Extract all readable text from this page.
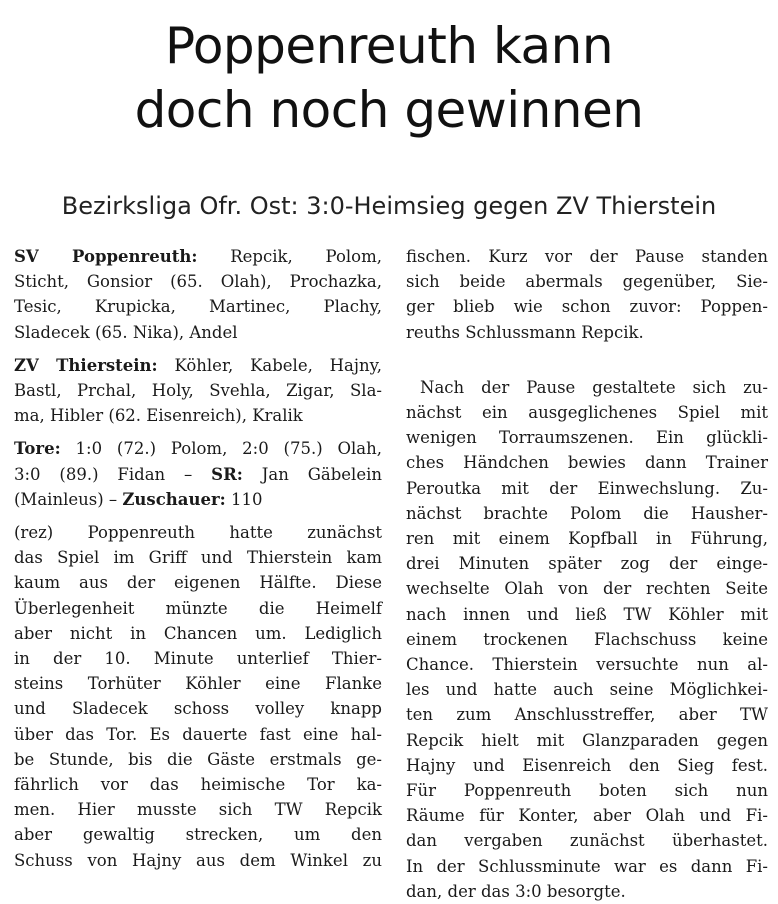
Poppenreuth kann
doch noch gewinnen
Bezirksliga Ofr. Ost: 3:0-Heimsieg gegen ZV Thierstein
SV Poppenreuth: Repcik, Polom,
Sticht, Gonsior (65. Olah), Prochazka,
Tesic, Krupicka, Martinec, Plachy,
Sladecek (65. Nika), Andel
ZV Thierstein: Köhler, Kabele, Hajny,
Bastl, Prchal, Holy, Svehla, Zigar, Sla-
ma, Hibler (62. Eisenreich), Kralik
Tore: 1:0 (72.) Polom, 2:0 (75.) Olah,
3:0 (89.) Fidan – SR: Jan Gäbelein
(Mainleus) – Zuschauer: 110
(rez) Poppenreuth hatte zunächst
das Spiel im Griff und Thierstein kam
kaum aus der eigenen Hälfte. Diese
Überlegenheit münzte die Heimelf
aber nicht in Chancen um. Lediglich
in der 10. Minute unterlief Thier-
steins Torhüter Köhler eine Flanke
und Sladecek schoss volley knapp
über das Tor. Es dauerte fast eine hal-
be Stunde, bis die Gäste erstmals ge-
fährlich vor das heimische Tor ka-
men. Hier musste sich TW Repcik
aber gewaltig strecken, um den
Schuss von Hajny aus dem Winkel zu
fischen. Kurz vor der Pause standen
sich beide abermals gegenüber, Sie-
ger blieb wie schon zuvor: Poppen-
reuths Schlussmann Repcik.
Nach der Pause gestaltete sich zu-
nächst ein ausgeglichenes Spiel mit
wenigen Torraumszenen. Ein glückli-
ches Händchen bewies dann Trainer
Peroutka mit der Einwechslung. Zu-
nächst brachte Polom die Hausher-
ren mit einem Kopfball in Führung,
drei Minuten später zog der einge-
wechselte Olah von der rechten Seite
nach innen und ließ TW Köhler mit
einem trockenen Flachschuss keine
Chance. Thierstein versuchte nun al-
les und hatte auch seine Möglichkei-
ten zum Anschlusstreffer, aber TW
Repcik hielt mit Glanzparaden gegen
Hajny und Eisenreich den Sieg fest.
Für Poppenreuth boten sich nun
Räume für Konter, aber Olah und Fi-
dan vergaben zunächst überhastet.
In der Schlussminute war es dann Fi-
dan, der das 3:0 besorgte.
